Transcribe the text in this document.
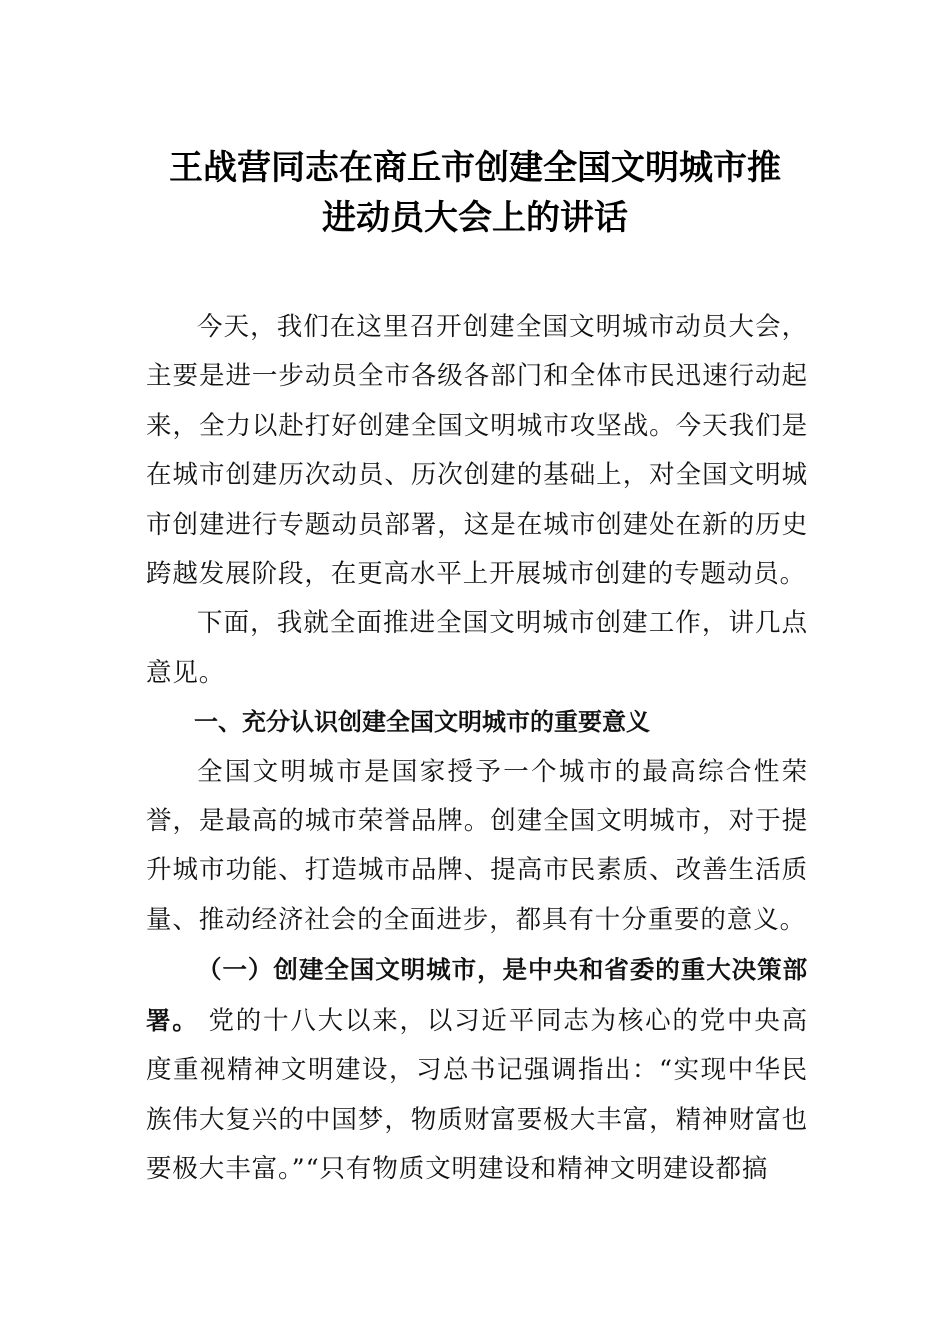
王战营同志在商丘市创建全国文明城市推
进动员大会上的讲话

今天，我们在这里召开创建全国文明城市动员大会，主要是进一步动员全市各级各部门和全体市民迅速行动起来，全力以赴打好创建全国文明城市攻坚战。今天我们是在城市创建历次动员、历次创建的基础上，对全国文明城市创建进行专题动员部署，这是在城市创建处在新的历史跨越发展阶段，在更高水平上开展城市创建的专题动员。

下面，我就全面推进全国文明城市创建工作，讲几点意见。

一、充分认识创建全国文明城市的重要意义

全国文明城市是国家授予一个城市的最高综合性荣誉，是最高的城市荣誉品牌。创建全国文明城市，对于提升城市功能、打造城市品牌、提高市民素质、改善生活质量、推动经济社会的全面进步，都具有十分重要的意义。

（一）创建全国文明城市，是中央和省委的重大决策部署。 党的十八大以来，以习近平同志为核心的党中央高度重视精神文明建设，习总书记强调指出：“实现中华民族伟大复兴的中国梦，物质财富要极大丰富，精神财富也要极大丰富。”“只有物质文明建设和精神文明建设都搞
